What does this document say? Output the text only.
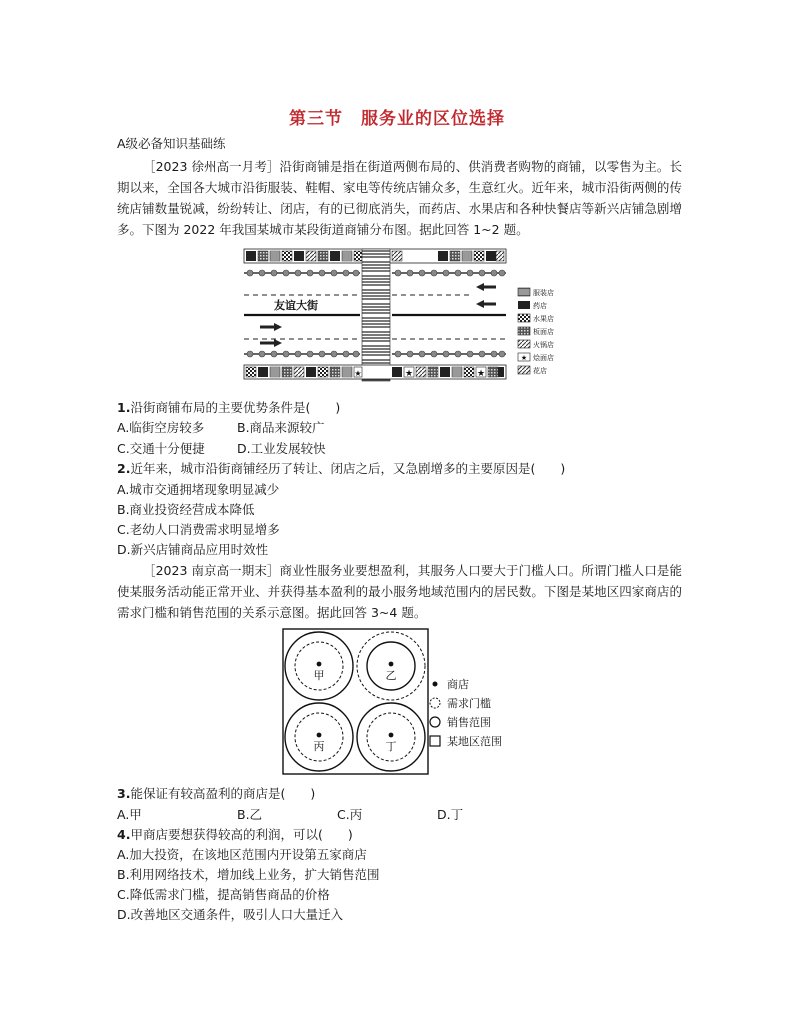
第三节　服务业的区位选择
A级必备知识基础练
［2023 徐州高一月考］沿街商铺是指在街道两侧布局的、供消费者购物的商铺，以零售为主。长期以来，全国各大城市沿街服装、鞋帽、家电等传统店铺众多，生意红火。近年来，城市沿街两侧的传统店铺数量锐减，纷纷转让、闭店，有的已彻底消失，而药店、水果店和各种快餐店等新兴店铺急剧增多。下图为 2022 年我国某城市某段街道商铺分布图。据此回答 1~2 题。
友谊大街
★	★	★
服装店
药店
水果店
板面店
火锅店
★ 烩面店
花店
1.沿街商铺布局的主要优势条件是(　　)
A.临街空房较多	B.商品来源较广
C.交通十分便捷	D.工业发展较快
2.近年来，城市沿街商铺经历了转让、闭店之后，又急剧增多的主要原因是(　　)
A.城市交通拥堵现象明显减少
B.商业投资经营成本降低
C.老幼人口消费需求明显增多
D.新兴店铺商品应用时效性
［2023 南京高一期末］商业性服务业要想盈利，其服务人口要大于门槛人口。所谓门槛人口是能使某服务活动能正常开业、并获得基本盈利的最小服务地域范围内的居民数。下图是某地区四家商店的需求门槛和销售范围的关系示意图。据此回答 3~4 题。
甲	乙
丙	丁
商店
需求门槛
销售范围
某地区范围
3.能保证有较高盈利的商店是(　　)
A.甲	B.乙	C.丙	D.丁
4.甲商店要想获得较高的利润，可以(　　)
A.加大投资，在该地区范围内开设第五家商店
B.利用网络技术，增加线上业务，扩大销售范围
C.降低需求门槛，提高销售商品的价格
D.改善地区交通条件，吸引人口大量迁入
